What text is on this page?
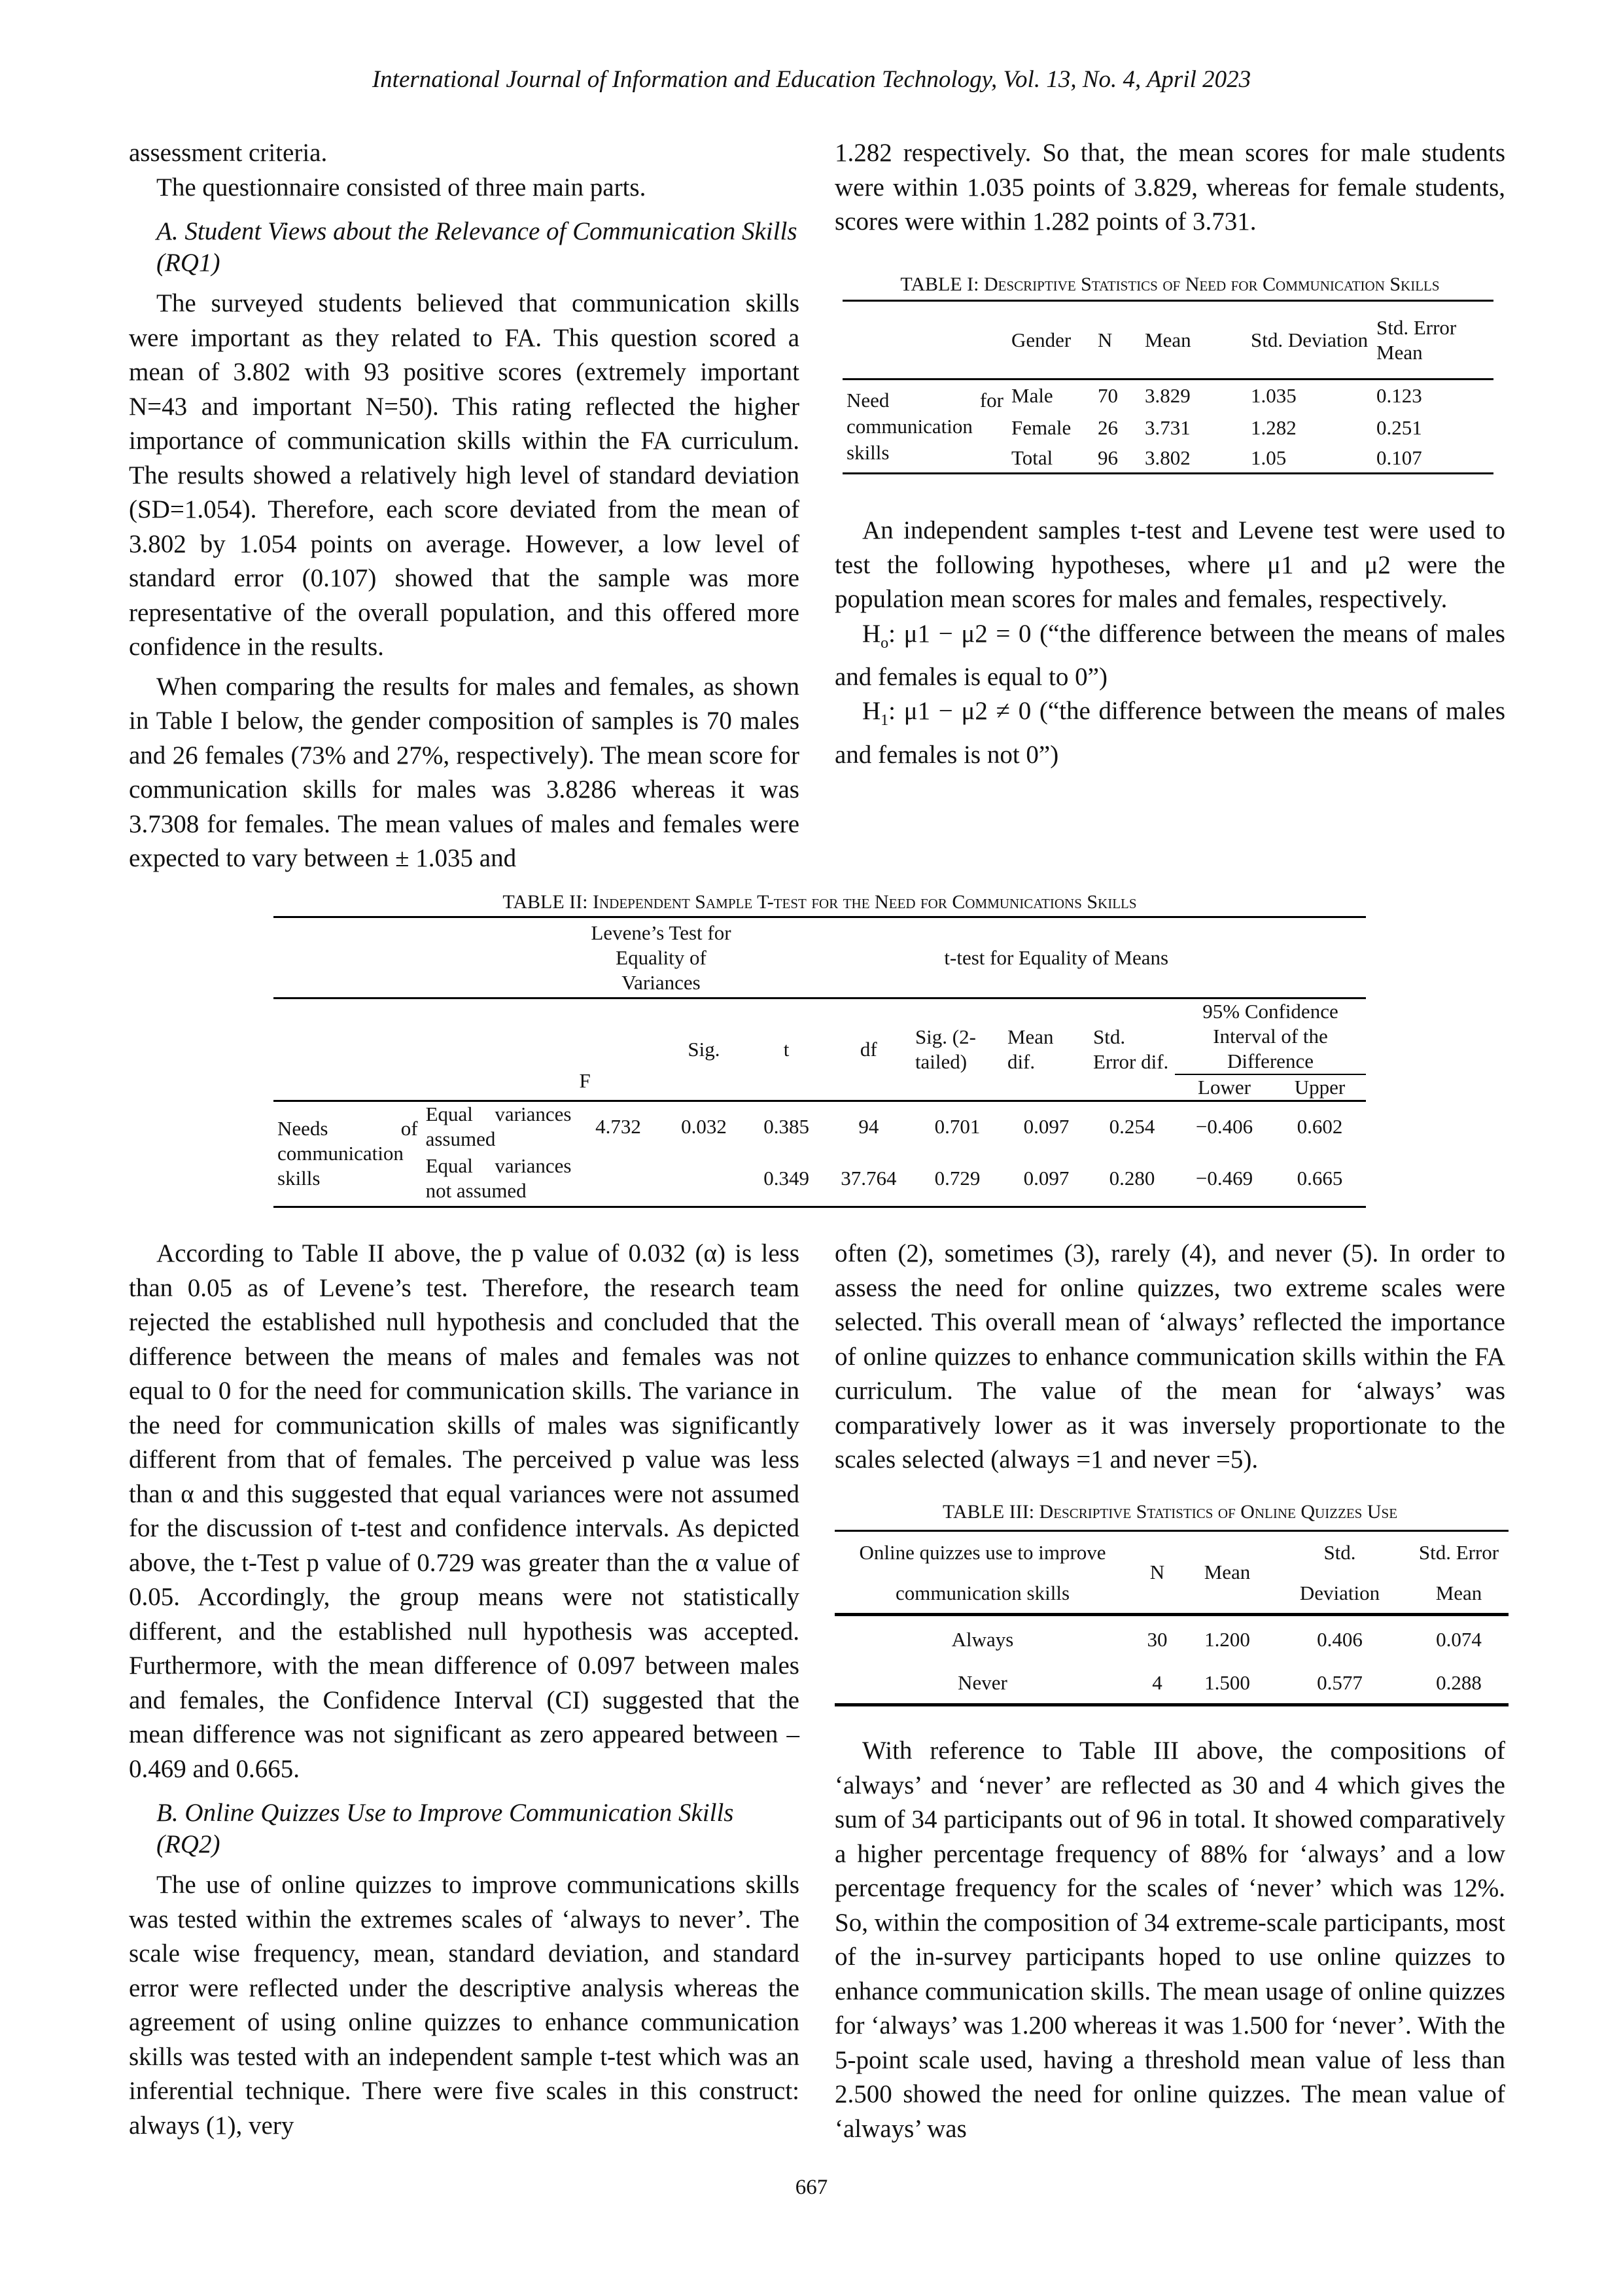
International Journal of Information and Education Technology, Vol. 13, No. 4, April 2023

assessment criteria.

The questionnaire consisted of three main parts.

A. Student Views about the Relevance of Communication Skills (RQ1)

The surveyed students believed that communication skills were important as they related to FA. This question scored a mean of 3.802 with 93 positive scores (extremely important N=43 and important N=50). This rating reflected the higher importance of communication skills within the FA curriculum. The results showed a relatively high level of standard deviation (SD=1.054). Therefore, each score deviated from the mean of 3.802 by 1.054 points on average. However, a low level of standard error (0.107) showed that the sample was more representative of the overall population, and this offered more confidence in the results.

When comparing the results for males and females, as shown in Table I below, the gender composition of samples is 70 males and 26 females (73% and 27%, respectively). The mean score for communication skills for males was 3.8286 whereas it was 3.7308 for females. The mean values of males and females were expected to vary between ± 1.035 and

1.282 respectively. So that, the mean scores for male students were within 1.035 points of 3.829, whereas for female students, scores were within 1.282 points of 3.731.

TABLE I: Descriptive Statistics of Need for Communication Skills

	Gender	N	Mean	Std. Deviation	Std. Error Mean
Need for communication skills	Male	70	3.829	1.035	0.123
	Female	26	3.731	1.282	0.251
	Total	96	3.802	1.05	0.107

An independent samples t-test and Levene test were used to test the following hypotheses, where μ1 and μ2 were the population mean scores for males and females, respectively.

$H_o$: μ1 − μ2 = 0 (“the difference between the means of males and females is equal to 0”)

$H_1$: μ1 − μ2 ≠ 0 (“the difference between the means of males and females is not 0”)

TABLE II: Independent Sample T-test for the Need for Communications Skills

		Levene’s Test for Equality of Variances		t-test for Equality of Means						
		F	Sig.	t	df	Sig. (2-tailed)	Mean dif.	Std. Error dif.	95% Confidence Interval of the Difference	
									Lower	Upper
Needs of communication skills	Equal variances assumed	4.732	0.032	0.385	94	0.701	0.097	0.254	−0.406	0.602
	Equal variances not assumed			0.349	37.764	0.729	0.097	0.280	−0.469	0.665

According to Table II above, the p value of 0.032 (α) is less than 0.05 as of Levene’s test. Therefore, the research team rejected the established null hypothesis and concluded that the difference between the means of males and females was not equal to 0 for the need for communication skills. The variance in the need for communication skills of males was significantly different from that of females. The perceived p value was less than α and this suggested that equal variances were not assumed for the discussion of t-test and confidence intervals. As depicted above, the t-Test p value of 0.729 was greater than the α value of 0.05. Accordingly, the group means were not statistically different, and the established null hypothesis was accepted. Furthermore, with the mean difference of 0.097 between males and females, the Confidence Interval (CI) suggested that the mean difference was not significant as zero appeared between –0.469 and 0.665.

B. Online Quizzes Use to Improve Communication Skills (RQ2)

The use of online quizzes to improve communications skills was tested within the extremes scales of ‘always to never’. The scale wise frequency, mean, standard deviation, and standard error were reflected under the descriptive analysis whereas the agreement of using online quizzes to enhance communication skills was tested with an independent sample t-test which was an inferential technique. There were five scales in this construct: always (1), very

often (2), sometimes (3), rarely (4), and never (5). In order to assess the need for online quizzes, two extreme scales were selected. This overall mean of ‘always’ reflected the importance of online quizzes to enhance communication skills within the FA curriculum. The value of the mean for ‘always’ was comparatively lower as it was inversely proportionate to the scales selected (always =1 and never =5).

TABLE III: Descriptive Statistics of Online Quizzes Use

Online quizzes use to improve	N	Mean	Std.	Std. Error
communication skills			Deviation	Mean
Always	30	1.200	0.406	0.074
Never	4	1.500	0.577	0.288

With reference to Table III above, the compositions of ‘always’ and ‘never’ are reflected as 30 and 4 which gives the sum of 34 participants out of 96 in total. It showed comparatively a higher percentage frequency of 88% for ‘always’ and a low percentage frequency for the scales of ‘never’ which was 12%. So, within the composition of 34 extreme-scale participants, most of the in-survey participants hoped to use online quizzes to enhance communication skills. The mean usage of online quizzes for ‘always’ was 1.200 whereas it was 1.500 for ‘never’. With the 5-point scale used, having a threshold mean value of less than 2.500 showed the need for online quizzes. The mean value of ‘always’ was

667
